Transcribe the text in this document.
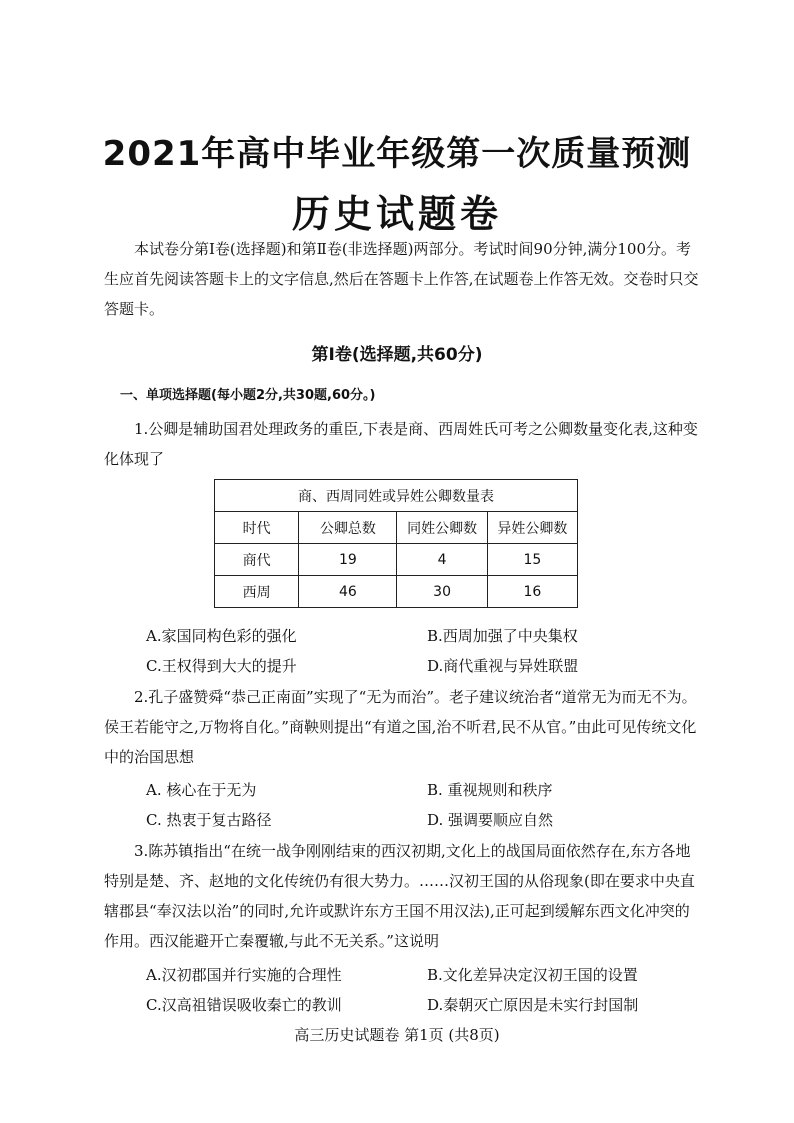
2021年高中毕业年级第一次质量预测
历史试题卷
本试卷分第Ⅰ卷(选择题)和第Ⅱ卷(非选择题)两部分。考试时间90分钟,满分100分。考生应首先阅读答题卡上的文字信息,然后在答题卡上作答,在试题卷上作答无效。交卷时只交答题卡。
第Ⅰ卷(选择题,共60分)
一、单项选择题(每小题2分,共30题,60分。)
1.公卿是辅助国君处理政务的重臣,下表是商、西周姓氏可考之公卿数量变化表,这种变化体现了
商、西周同姓或异姓公卿数量表			
时代	公卿总数	同姓公卿数	异姓公卿数
商代	19	4	15
西周	46	30	16
A.家国同构色彩的强化	B.西周加强了中央集权
C.王权得到大大的提升	D.商代重视与异姓联盟
2.孔子盛赞舜“恭己正南面”实现了“无为而治”。老子建议统治者“道常无为而无不为。侯王若能守之,万物将自化。”商鞅则提出“有道之国,治不听君,民不从官。”由此可见传统文化中的治国思想
A. 核心在于无为	B. 重视规则和秩序
C. 热衷于复古路径	D. 强调要顺应自然
3.陈苏镇指出“在统一战争刚刚结束的西汉初期,文化上的战国局面依然存在,东方各地特别是楚、齐、赵地的文化传统仍有很大势力。……汉初王国的从俗现象(即在要求中央直辖郡县“奉汉法以治”的同时,允许或默许东方王国不用汉法),正可起到缓解东西文化冲突的作用。西汉能避开亡秦覆辙,与此不无关系。”这说明
A.汉初郡国并行实施的合理性	B.文化差异决定汉初王国的设置
C.汉高祖错误吸收秦亡的教训	D.秦朝灭亡原因是未实行封国制
高三历史试题卷 第1页 (共8页)
